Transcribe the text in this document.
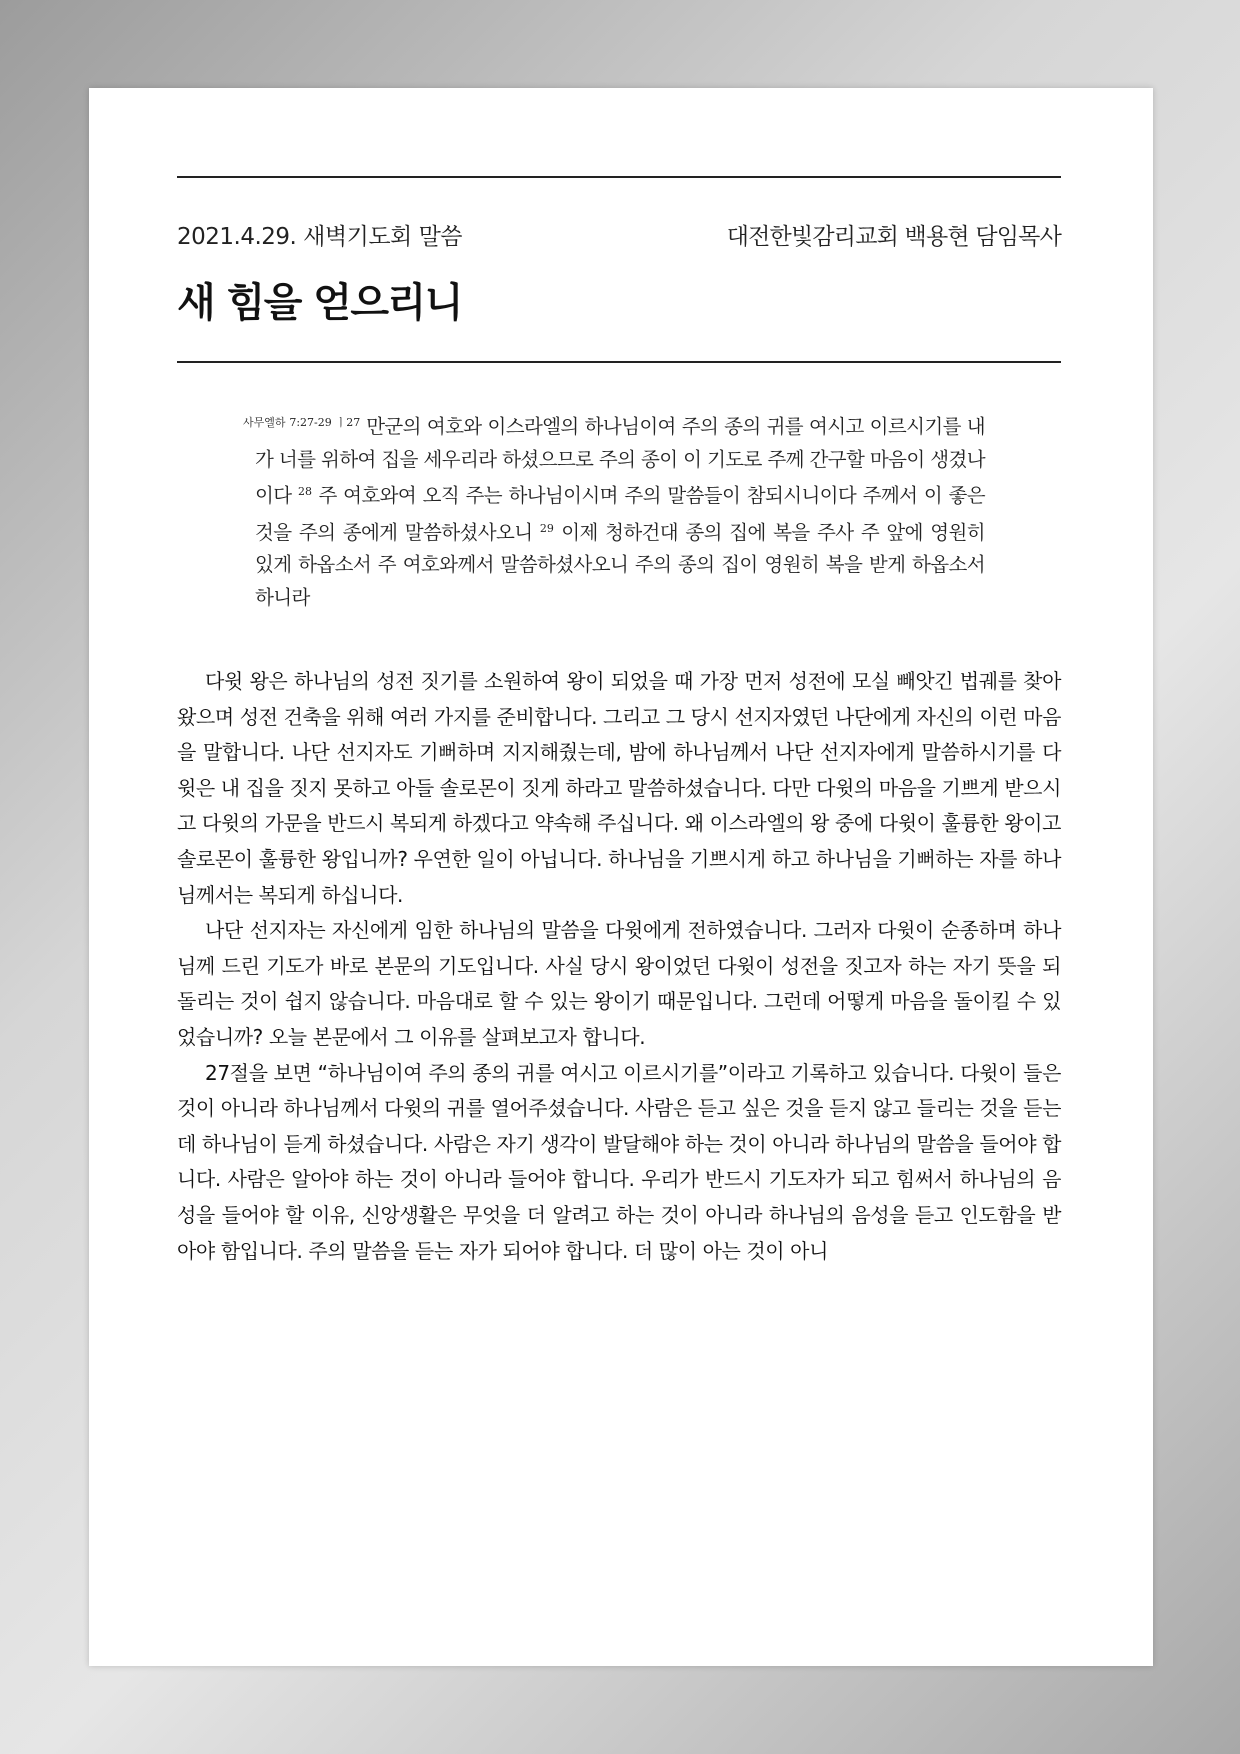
2021.4.29. 새벽기도회 말씀	대전한빛감리교회 백용현 담임목사
새 힘을 얻으리니
$^{사무엘하 7:27-29 ㅣ27}$ 만군의 여호와 이스라엘의 하나님이여 주의 종의 귀를 여시고 이르시기를 내가 너를 위하여 집을 세우리라 하셨으므로 주의 종이 이 기도로 주께 간구할 마음이 생겼나이다 $^{28}$ 주 여호와여 오직 주는 하나님이시며 주의 말씀들이 참되시니이다 주께서 이 좋은 것을 주의 종에게 말씀하셨사오니 $^{29}$ 이제 청하건대 종의 집에 복을 주사 주 앞에 영원히 있게 하옵소서 주 여호와께서 말씀하셨사오니 주의 종의 집이 영원히 복을 받게 하옵소서 하니라

다윗 왕은 하나님의 성전 짓기를 소원하여 왕이 되었을 때 가장 먼저 성전에 모실 빼앗긴 법궤를 찾아왔으며 성전 건축을 위해 여러 가지를 준비합니다. 그리고 그 당시 선지자였던 나단에게 자신의 이런 마음을 말합니다. 나단 선지자도 기뻐하며 지지해줬는데, 밤에 하나님께서 나단 선지자에게 말씀하시기를 다윗은 내 집을 짓지 못하고 아들 솔로몬이 짓게 하라고 말씀하셨습니다. 다만 다윗의 마음을 기쁘게 받으시고 다윗의 가문을 반드시 복되게 하겠다고 약속해 주십니다. 왜 이스라엘의 왕 중에 다윗이 훌륭한 왕이고 솔로몬이 훌륭한 왕입니까? 우연한 일이 아닙니다. 하나님을 기쁘시게 하고 하나님을 기뻐하는 자를 하나님께서는 복되게 하십니다.

나단 선지자는 자신에게 임한 하나님의 말씀을 다윗에게 전하였습니다. 그러자 다윗이 순종하며 하나님께 드린 기도가 바로 본문의 기도입니다. 사실 당시 왕이었던 다윗이 성전을 짓고자 하는 자기 뜻을 되돌리는 것이 쉽지 않습니다. 마음대로 할 수 있는 왕이기 때문입니다. 그런데 어떻게 마음을 돌이킬 수 있었습니까? 오늘 본문에서 그 이유를 살펴보고자 합니다.

27절을 보면 “하나님이여 주의 종의 귀를 여시고 이르시기를”이라고 기록하고 있습니다. 다윗이 들은 것이 아니라 하나님께서 다윗의 귀를 열어주셨습니다. 사람은 듣고 싶은 것을 듣지 않고 들리는 것을 듣는데 하나님이 듣게 하셨습니다. 사람은 자기 생각이 발달해야 하는 것이 아니라 하나님의 말씀을 들어야 합니다. 사람은 알아야 하는 것이 아니라 들어야 합니다. 우리가 반드시 기도자가 되고 힘써서 하나님의 음성을 들어야 할 이유, 신앙생활은 무엇을 더 알려고 하는 것이 아니라 하나님의 음성을 듣고 인도함을 받아야 함입니다. 주의 말씀을 듣는 자가 되어야 합니다. 더 많이 아는 것이 아니
